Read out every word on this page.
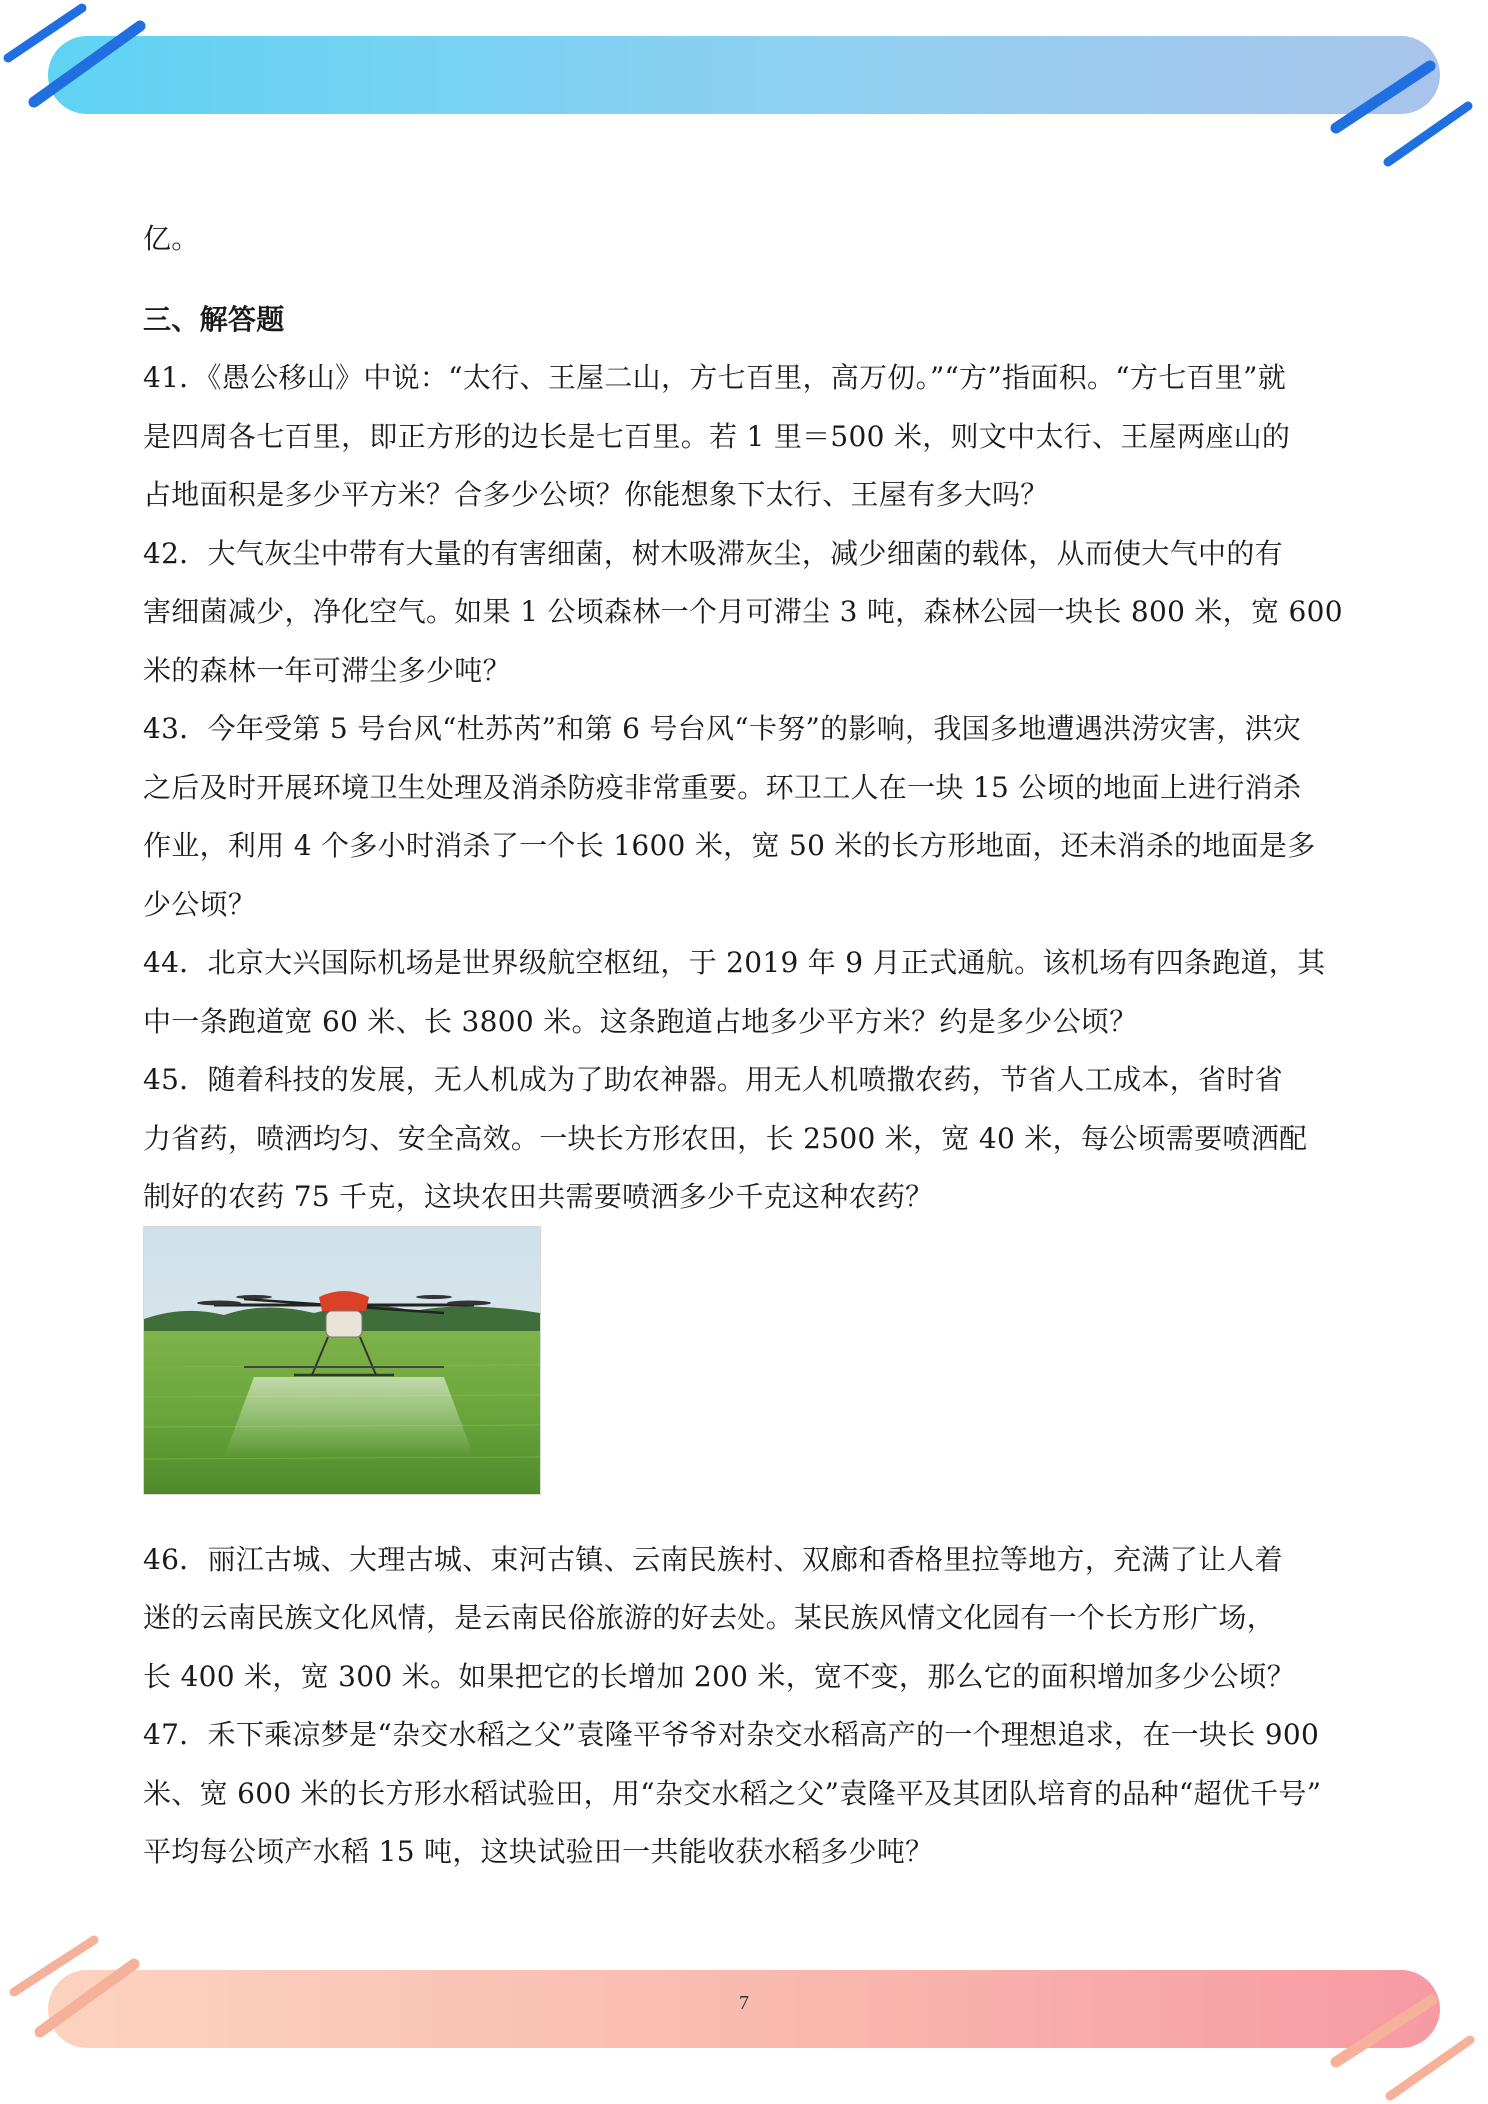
亿。

三、解答题

41．《愚公移山》中说：“太行、王屋二山，方七百里，高万仞。”“方”指面积。“方七百里”就

是四周各七百里，即正方形的边长是七百里。若 1 里＝500 米，则文中太行、王屋两座山的

占地面积是多少平方米？合多少公顷？你能想象下太行、王屋有多大吗？

42．大气灰尘中带有大量的有害细菌，树木吸滞灰尘，减少细菌的载体，从而使大气中的有

害细菌减少，净化空气。如果 1 公顷森林一个月可滞尘 3 吨，森林公园一块长 800 米，宽 600

米的森林一年可滞尘多少吨？

43．今年受第 5 号台风“杜苏芮”和第 6 号台风“卡努”的影响，我国多地遭遇洪涝灾害，洪灾

之后及时开展环境卫生处理及消杀防疫非常重要。环卫工人在一块 15 公顷的地面上进行消杀

作业，利用 4 个多小时消杀了一个长 1600 米，宽 50 米的长方形地面，还未消杀的地面是多

少公顷？

44．北京大兴国际机场是世界级航空枢纽，于 2019 年 9 月正式通航。该机场有四条跑道，其

中一条跑道宽 60 米、长 3800 米。这条跑道占地多少平方米？约是多少公顷？

45．随着科技的发展，无人机成为了助农神器。用无人机喷撒农药，节省人工成本，省时省

力省药，喷洒均匀、安全高效。一块长方形农田，长 2500 米，宽 40 米，每公顷需要喷洒配

制好的农药 75 千克，这块农田共需要喷洒多少千克这种农药？

46．丽江古城、大理古城、束河古镇、云南民族村、双廊和香格里拉等地方，充满了让人着

迷的云南民族文化风情，是云南民俗旅游的好去处。某民族风情文化园有一个长方形广场，

长 400 米，宽 300 米。如果把它的长增加 200 米，宽不变，那么它的面积增加多少公顷？

47．禾下乘凉梦是“杂交水稻之父”袁隆平爷爷对杂交水稻高产的一个理想追求，在一块长 900

米、宽 600 米的长方形水稻试验田，用“杂交水稻之父”袁隆平及其团队培育的品种“超优千号”

平均每公顷产水稻 15 吨，这块试验田一共能收获水稻多少吨？

7
